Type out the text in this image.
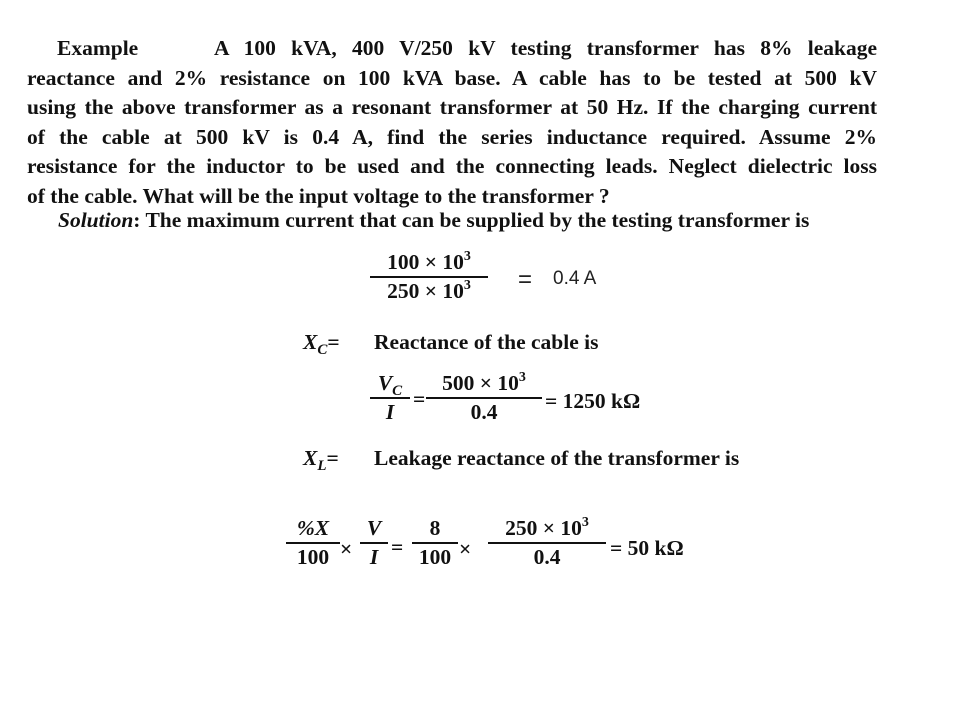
Example	A 100 kVA, 400 V/250 kV testing transformer has 8% leakage
reactance and 2% resistance on 100 kVA base. A cable has to be tested at 500 kV
using the above transformer as a resonant transformer at 50 Hz. If the charging current
of the cable at 500 kV is 0.4 A, find the series inductance required. Assume 2%
resistance for the inductor to be used and the connecting leads. Neglect dielectric loss
of the cable. What will be the input voltage to the transformer ?
Solution: The maximum current that can be supplied by the testing transformer is
$\frac{100 \times 10^3}{250 \times 10^3} = 0.4$ A
$X_C=$ Reactance of the cable is
$\frac{V_C}{I} = \frac{500 \times 10^3}{0.4} = 1250$ kΩ
$X_L=$ Leakage reactance of the transformer is
$\frac{\%X}{100} \times \frac{V}{I} = \frac{8}{100} \times \frac{250 \times 10^3}{0.4} = 50$ kΩ
